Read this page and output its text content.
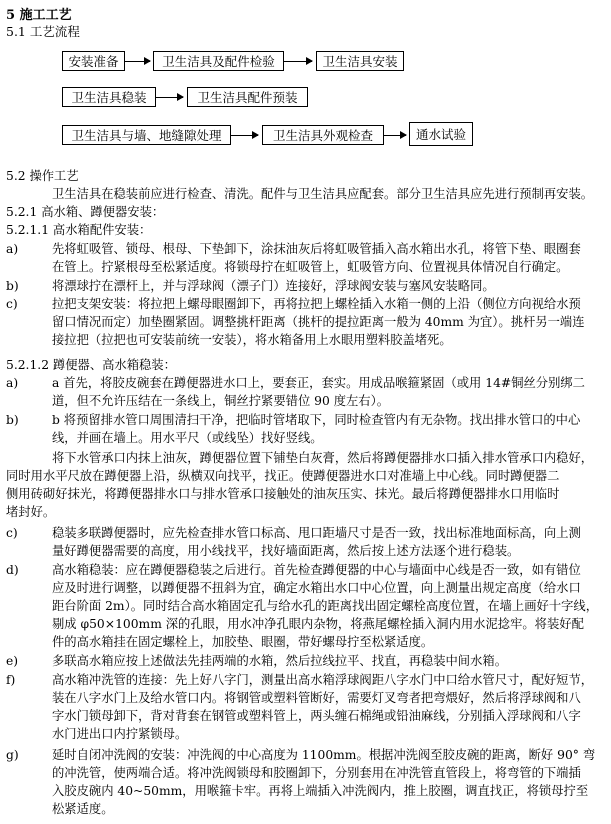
5 施工工艺
5.1 工艺流程
安装准备	卫生洁具及配件检验	卫生洁具安装
卫生洁具稳装	卫生洁具配件预装
卫生洁具与墙、地缝隙处理	卫生洁具外观检查	通水试验
5.2 操作工艺
卫生洁具在稳装前应进行检查、清洗。配件与卫生洁具应配套。部分卫生洁具应先进行预制再安装。
5.2.1 高水箱、蹲便器安装：
5.2.1.1 高水箱配件安装：
a)	先将虹吸管、锁母、根母、下垫卸下，涂抹油灰后将虹吸管插入高水箱出水孔，将管下垫、眼圈套
在管上。拧紧根母至松紧适度。将锁母拧在虹吸管上，虹吸管方向、位置视具体情况自行确定。
b)	将漂球拧在漂杆上，并与浮球阀（漂子门）连接好，浮球阀安装与塞风安装略同。
c)	拉把支架安装：将拉把上螺母眼圈卸下，再将拉把上螺栓插入水箱一侧的上沿（侧位方向视给水预
留口情况而定）加垫圈紧固。调整挑杆距离（挑杆的提拉距离一般为 40mm 为宜）。挑杆另一端连
接拉把（拉把也可安装前统一安装），将水箱备用上水眼用塑料胶盖堵死。
5.2.1.2 蹲便器、高水箱稳装：
a)	a 首先，将胶皮碗套在蹲便器进水口上，要套正，套实。用成品喉箍紧固（或用 14#铜丝分别绑二
道，但不允许压结在一条线上，铜丝拧紧要错位 90 度左右）。
b)	b 将预留排水管口周围清扫干净，把临时管堵取下，同时检查管内有无杂物。找出排水管口的中心
线，并画在墙上。用水平尺（或线坠）找好竖线。
将下水管承口内抹上油灰，蹲便器位置下铺垫白灰膏，然后将蹲便器排水口插入排水管承口内稳好，
同时用水平尺放在蹲便器上沿，纵横双向找平，找正。使蹲便器进水口对准墙上中心线。同时蹲便器二
侧用砖砌好抹光，将蹲便器排水口与排水管承口接触处的油灰压实、抹光。最后将蹲便器排水口用临时
堵封好。
c)	稳装多联蹲便器时，应先检查排水管口标高、甩口距墙尺寸是否一致，找出标准地面标高，向上测
量好蹲便器需要的高度，用小线找平，找好墙面距离，然后按上述方法逐个进行稳装。
d)	高水箱稳装：应在蹲便器稳装之后进行。首先检查蹲便器的中心与墙面中心线是否一致，如有错位
应及时进行调整，以蹲便器不扭斜为宜，确定水箱出水口中心位置，向上测量出规定高度（给水口
距台阶面 2m）。同时结合高水箱固定孔与给水孔的距离找出固定螺栓高度位置，在墙上画好十字线，
剔成 φ50×100mm 深的孔眼，用水冲净孔眼内杂物，将燕尾螺栓插入洞内用水泥捻牢。将装好配
件的高水箱挂在固定螺栓上，加胶垫、眼圈，带好螺母拧至松紧适度。
e)	多联高水箱应按上述做法先挂两端的水箱，然后拉线拉平、找直，再稳装中间水箱。
f)	高水箱冲洗管的连接：先上好八字门，测量出高水箱浮球阀距八字水门中口给水管尺寸，配好短节，
装在八字水门上及给水管口内。将钢管或塑料管断好，需要灯叉弯者把弯煨好，然后将浮球阀和八
字水门锁母卸下，背对背套在钢管或塑料管上，两头缠石棉绳或铅油麻线，分别插入浮球阀和八字
水门进出口内拧紧锁母。
g)	延时自闭冲洗阀的安装：冲洗阀的中心高度为 1100mm。根据冲洗阀至胶皮碗的距离，断好 90° 弯
的冲洗管，使两端合适。将冲洗阀锁母和胶圈卸下，分别套用在冲洗管直管段上，将弯管的下端插
入胶皮碗内 40~50mm，用喉箍卡牢。再将上端插入冲洗阀内，推上胶圈，调直找正，将锁母拧至
松紧适度。
